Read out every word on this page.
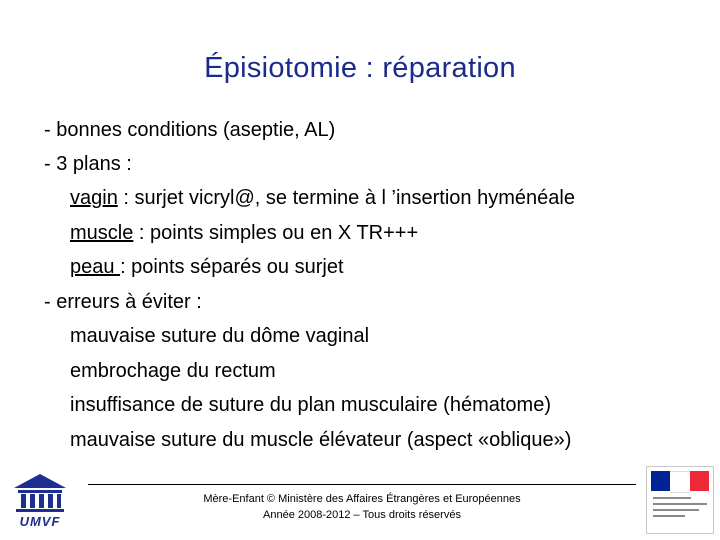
Épisiotomie : réparation
- bonnes conditions (aseptie, AL)
- 3 plans :
vagin : surjet vicryl@, se termine à l ’insertion hyménéale
muscle : points simples ou en X TR+++
peau : points séparés ou surjet
- erreurs à éviter :
mauvaise suture du dôme vaginal
embrochage du rectum
insuffisance de suture du plan musculaire (hématome)
mauvaise suture du muscle élévateur (aspect «oblique»)
UMVF
Mère-Enfant © Ministère des Affaires Étrangères et Européennes
Année 2008-2012 – Tous droits réservés
